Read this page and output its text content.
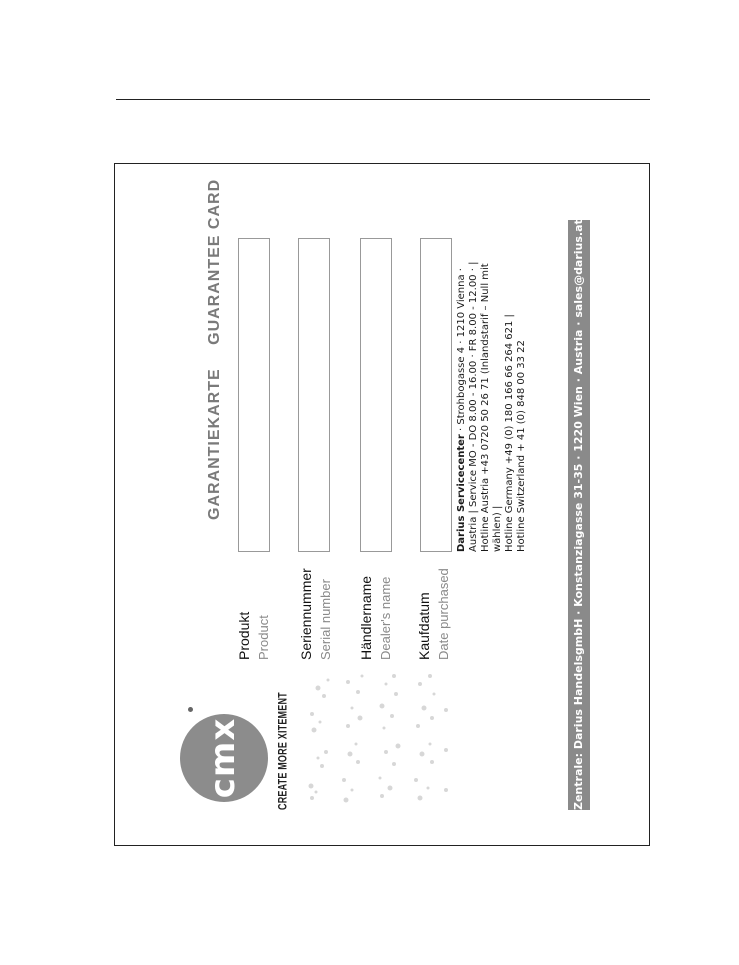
cmx	CREATE MORE XITEMENT
GARANTIEKARTE GUARANTEE CARD
Produkt Product Seriennummer Serial number Händlername Dealer's name Kaufdatum Date purchased
Darius Servicecenter · Strohbogasse 4 · 1210 Vienna · Austria | Service MO - DO 8.00 - 16.00 · FR 8.00 - 12.00 · | Hotline Austria +43 0720 50 26 71 (Inlandstarif – Null mit wählen) | Hotline Germany +49 (0) 180 166 66 264 621 | Hotline Switzerland + 41 (0) 848 00 33 22	Zentrale: Darius HandelsgmbH · Konstanziagasse 31-35 · 1220 Wien · Austria · sales@darius.at
